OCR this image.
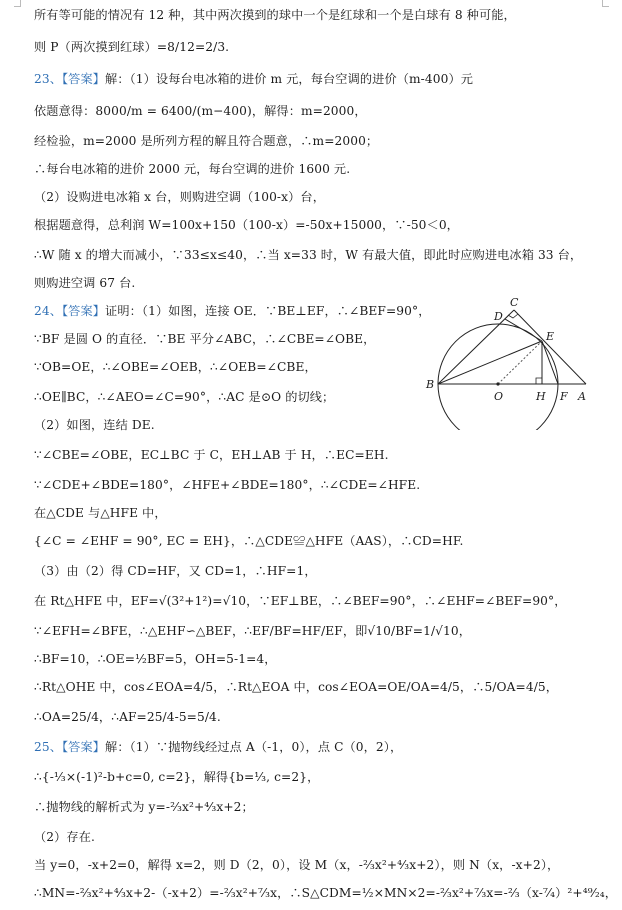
所有等可能的情况有 12 种，其中两次摸到的球中一个是红球和一个是白球有 8 种可能，
则 P（两次摸到红球）=8/12=2/3.
23、【答案】解：（1）设每台电冰箱的进价 m 元，每台空调的进价（m-400）元
依题意得：8000/m = 6400/(m−400)，解得：m=2000，
经检验，m=2000 是所列方程的解且符合题意，∴m=2000；
∴每台电冰箱的进价 2000 元，每台空调的进价 1600 元.
（2）设购进电冰箱 x 台，则购进空调（100-x）台，
根据题意得，总利润 W=100x+150（100-x）=-50x+15000，∵-50＜0，
∴W 随 x 的增大而减小，∵33≤x≤40，∴当 x=33 时，W 有最大值，即此时应购进电冰箱 33 台，
则购进空调 67 台.
24、【答案】证明：（1）如图，连接 OE．∵BE⊥EF，∴∠BEF=90°，
∵BF 是圆 O 的直径．∵BE 平分∠ABC，∴∠CBE=∠OBE，
∵OB=OE，∴∠OBE=∠OEB，∴∠OEB=∠CBE，
∴OE∥BC，∴∠AEO=∠C=90°，∴AC 是⊙O 的切线；
（2）如图，连结 DE.
∵∠CBE=∠OBE，EC⊥BC 于 C，EH⊥AB 于 H，∴EC=EH.
∵∠CDE+∠BDE=180°，∠HFE+∠BDE=180°，∴∠CDE=∠HFE.
在△CDE 与△HFE 中，
{∠C = ∠EHF = 90°, EC = EH}，∴△CDE≌△HFE（AAS），∴CD=HF.
（3）由（2）得 CD=HF，又 CD=1，∴HF=1，
在 Rt△HFE 中，EF=√(3²+1²)=√10，∵EF⊥BE，∴∠BEF=90°，∴∠EHF=∠BEF=90°，
∵∠EFH=∠BFE，∴△EHF∽△BEF，∴EF/BF=HF/EF，即√10/BF=1/√10，
∴BF=10，∴OE=½BF=5，OH=5-1=4，
∴Rt△OHE 中，cos∠EOA=4/5，∴Rt△EOA 中，cos∠EOA=OE/OA=4/5，∴5/OA=4/5，
∴OA=25/4，∴AF=25/4-5=5/4.
25、【答案】解：（1）∵抛物线经过点 A（-1，0），点 C（0，2），
∴{-⅓×(-1)²-b+c=0, c=2}，解得{b=⅓, c=2}，
∴抛物线的解析式为 y=-⅔x²+⁴⁄₃x+2；
（2）存在.
当 y=0，-x+2=0，解得 x=2，则 D（2，0），设 M（x，-⅔x²+⁴⁄₃x+2），则 N（x，-x+2），
∴MN=-⅔x²+⁴⁄₃x+2-（-x+2）=-⅔x²+⁷⁄₃x，∴S△CDM=½×MN×2=-⅔x²+⁷⁄₃x=-⅔（x-⁷⁄₄）²+⁴⁹⁄₂₄，
C
D
E
B
O	H F A
